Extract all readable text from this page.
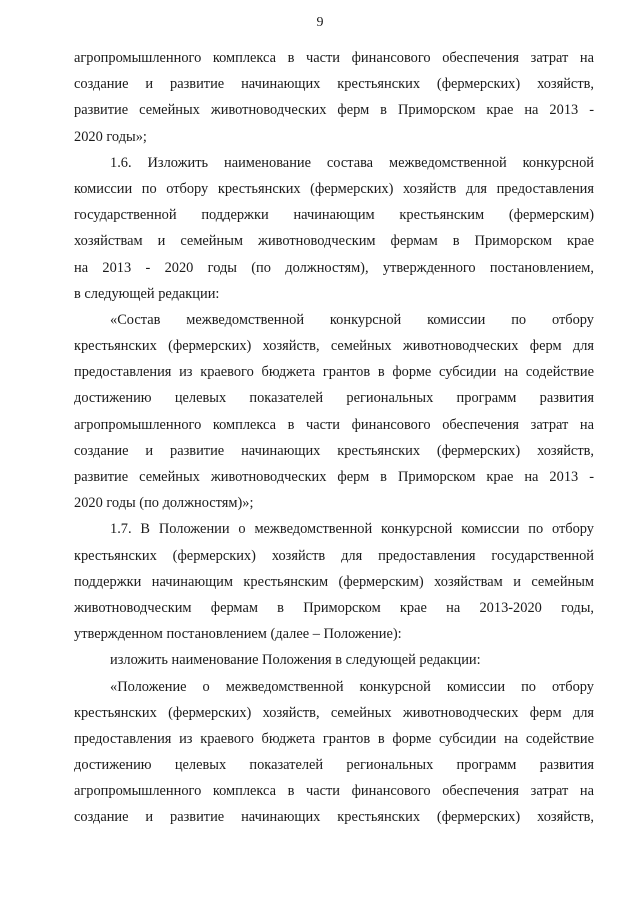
9
агропромышленного комплекса в части финансового обеспечения затрат на
создание и развитие начинающих крестьянских (фермерских) хозяйств,
развитие семейных животноводческих ферм в Приморском крае на 2013 -
2020 годы»;
1.6. Изложить наименование состава межведомственной конкурсной
комиссии по отбору крестьянских (фермерских) хозяйств для предоставления
государственной поддержки начинающим крестьянским (фермерским)
хозяйствам и семейным животноводческим фермам в Приморском крае
на 2013 - 2020 годы (по должностям), утвержденного постановлением,
в следующей редакции:
«Состав межведомственной конкурсной комиссии по отбору
крестьянских (фермерских) хозяйств, семейных животноводческих ферм для
предоставления из краевого бюджета грантов в форме субсидии на содействие
достижению целевых показателей региональных программ развития
агропромышленного комплекса в части финансового обеспечения затрат на
создание и развитие начинающих крестьянских (фермерских) хозяйств,
развитие семейных животноводческих ферм в Приморском крае на 2013 -
2020 годы (по должностям)»;
1.7. В Положении о межведомственной конкурсной комиссии по отбору
крестьянских (фермерских) хозяйств для предоставления государственной
поддержки начинающим крестьянским (фермерским) хозяйствам и семейным
животноводческим фермам в Приморском крае на 2013-2020 годы,
утвержденном постановлением (далее – Положение):
изложить наименование Положения в следующей редакции:
«Положение о межведомственной конкурсной комиссии по отбору
крестьянских (фермерских) хозяйств, семейных животноводческих ферм для
предоставления из краевого бюджета грантов в форме субсидии на содействие
достижению целевых показателей региональных программ развития
агропромышленного комплекса в части финансового обеспечения затрат на
создание и развитие начинающих крестьянских (фермерских) хозяйств,
